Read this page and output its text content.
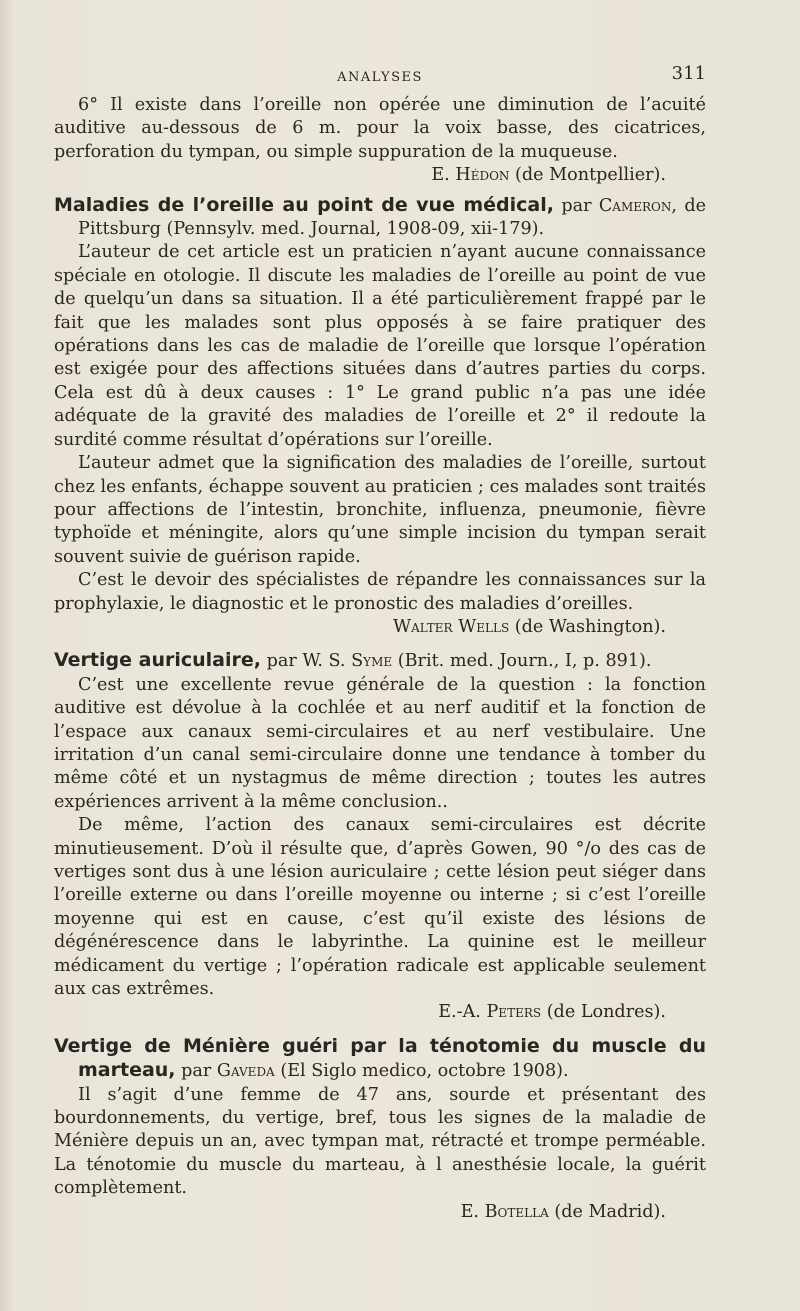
ANALYSES	311

6° Il existe dans l’oreille non opérée une diminution de l’acuité auditive au-dessous de 6 m. pour la voix basse, des cicatrices, perforation du tympan, ou simple suppuration de la muqueuse.

E. Hédon (de Montpellier).

Maladies de l’oreille au point de vue médical, par Cameron, de Pittsburg (Pennsylv. med. Journal, 1908-09, xii-179).

L’auteur de cet article est un praticien n’ayant aucune connaissance spéciale en otologie. Il discute les maladies de l’oreille au point de vue de quelqu’un dans sa situation. Il a été particulièrement frappé par le fait que les malades sont plus opposés à se faire pratiquer des opérations dans les cas de maladie de l’oreille que lorsque l’opération est exigée pour des affections situées dans d’autres parties du corps. Cela est dû à deux causes : 1° Le grand public n’a pas une idée adéquate de la gravité des maladies de l’oreille et 2° il redoute la surdité comme résultat d’opérations sur l’oreille.

L’auteur admet que la signification des maladies de l’oreille, surtout chez les enfants, échappe souvent au praticien ; ces malades sont traités pour affections de l’intestin, bronchite, influenza, pneumonie, fièvre typhoïde et méningite, alors qu’une simple incision du tympan serait souvent suivie de guérison rapide.

C’est le devoir des spécialistes de répandre les connaissances sur la prophylaxie, le diagnostic et le pronostic des maladies d’oreilles.

Walter Wells (de Washington).

Vertige auriculaire, par W. S. Syme (Brit. med. Journ., I, p. 891).

C’est une excellente revue générale de la question : la fonction auditive est dévolue à la cochlée et au nerf auditif et la fonction de l’espace aux canaux semi-circulaires et au nerf vestibulaire. Une irritation d’un canal semi-circulaire donne une tendance à tomber du même côté et un nystagmus de même direction ; toutes les autres expériences arrivent à la même conclusion..

De même, l’action des canaux semi-circulaires est décrite minutieusement. D’où il résulte que, d’après Gowen, 90 °/o des cas de vertiges sont dus à une lésion auriculaire ; cette lésion peut siéger dans l’oreille externe ou dans l’oreille moyenne ou interne ; si c’est l’oreille moyenne qui est en cause, c’est qu’il existe des lésions de dégénérescence dans le labyrinthe. La quinine est le meilleur médicament du vertige ; l’opération radicale est applicable seulement aux cas extrêmes.

E.-A. Peters (de Londres).

Vertige de Ménière guéri par la ténotomie du muscle du marteau, par Gaveda (El Siglo medico, octobre 1908).

Il s’agit d’une femme de 47 ans, sourde et présentant des bourdonnements, du vertige, bref, tous les signes de la maladie de Ménière depuis un an, avec tympan mat, rétracté et trompe perméable. La ténotomie du muscle du marteau, à l anesthésie locale, la guérit complètement.

E. Botella (de Madrid).
